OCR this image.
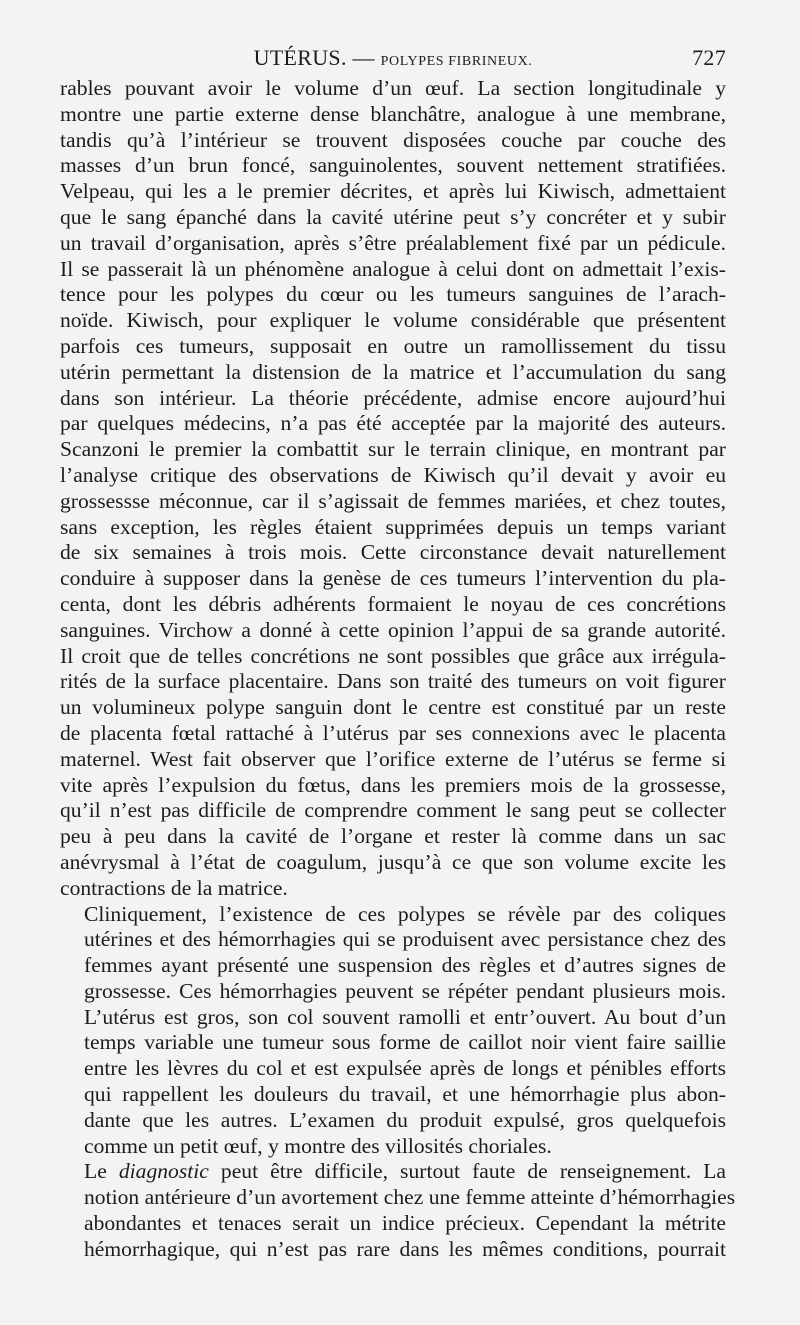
UTÉRUS. — POLYPES FIBRINEUX.	727

rables pouvant avoir le volume d’un œuf. La section longitudinale y
montre une partie externe dense blanchâtre, analogue à une membrane,
tandis qu’à l’intérieur se trouvent disposées couche par couche des
masses d’un brun foncé, sanguinolentes, souvent nettement stratifiées.
Velpeau, qui les a le premier décrites, et après lui Kiwisch, admettaient
que le sang épanché dans la cavité utérine peut s’y concréter et y subir
un travail d’organisation, après s’être préalablement fixé par un pédicule.
Il se passerait là un phénomène analogue à celui dont on admettait l’exis-
tence pour les polypes du cœur ou les tumeurs sanguines de l’arach-
noïde. Kiwisch, pour expliquer le volume considérable que présentent
parfois ces tumeurs, supposait en outre un ramollissement du tissu
utérin permettant la distension de la matrice et l’accumulation du sang
dans son intérieur. La théorie précédente, admise encore aujourd’hui
par quelques médecins, n’a pas été acceptée par la majorité des auteurs.
Scanzoni le premier la combattit sur le terrain clinique, en montrant par
l’analyse critique des observations de Kiwisch qu’il devait y avoir eu
grossessse méconnue, car il s’agissait de femmes mariées, et chez toutes,
sans exception, les règles étaient supprimées depuis un temps variant
de six semaines à trois mois. Cette circonstance devait naturellement
conduire à supposer dans la genèse de ces tumeurs l’intervention du pla-
centa, dont les débris adhérents formaient le noyau de ces concrétions
sanguines. Virchow a donné à cette opinion l’appui de sa grande autorité.
Il croit que de telles concrétions ne sont possibles que grâce aux irrégula-
rités de la surface placentaire. Dans son traité des tumeurs on voit figurer
un volumineux polype sanguin dont le centre est constitué par un reste
de placenta fœtal rattaché à l’utérus par ses connexions avec le placenta
maternel. West fait observer que l’orifice externe de l’utérus se ferme si
vite après l’expulsion du fœtus, dans les premiers mois de la grossesse,
qu’il n’est pas difficile de comprendre comment le sang peut se collecter
peu à peu dans la cavité de l’organe et rester là comme dans un sac
anévrysmal à l’état de coagulum, jusqu’à ce que son volume excite les
contractions de la matrice.

Cliniquement, l’existence de ces polypes se révèle par des coliques
utérines et des hémorrhagies qui se produisent avec persistance chez des
femmes ayant présenté une suspension des règles et d’autres signes de
grossesse. Ces hémorrhagies peuvent se répéter pendant plusieurs mois.
L’utérus est gros, son col souvent ramolli et entr’ouvert. Au bout d’un
temps variable une tumeur sous forme de caillot noir vient faire saillie
entre les lèvres du col et est expulsée après de longs et pénibles efforts
qui rappellent les douleurs du travail, et une hémorrhagie plus abon-
dante que les autres. L’examen du produit expulsé, gros quelquefois
comme un petit œuf, y montre des villosités choriales.

Le diagnostic peut être difficile, surtout faute de renseignement. La
notion antérieure d’un avortement chez une femme atteinte d’hémorrhagies
abondantes et tenaces serait un indice précieux. Cependant la métrite
hémorrhagique, qui n’est pas rare dans les mêmes conditions, pourrait
